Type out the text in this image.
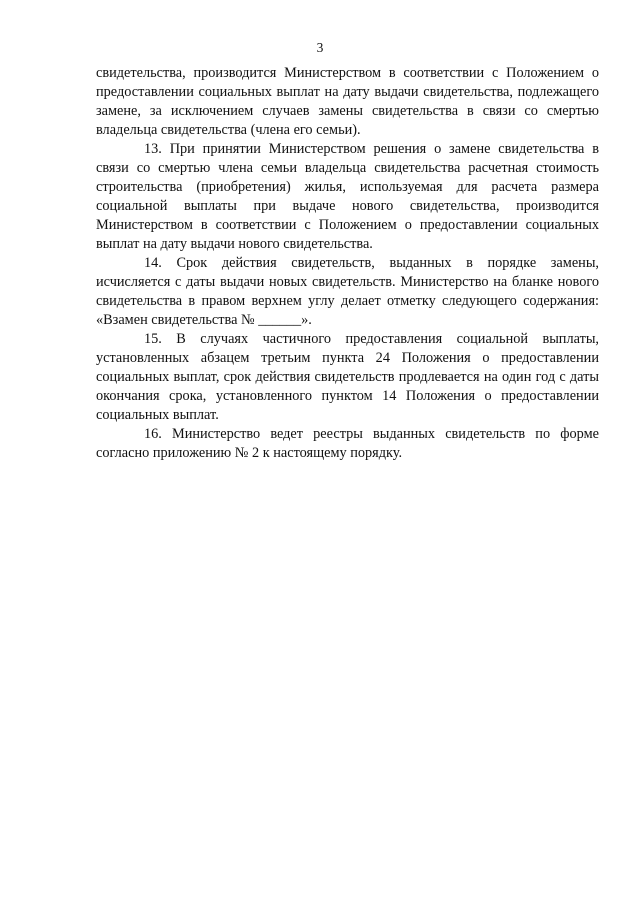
3

свидетельства, производится Министерством в соответствии с Положением о предоставлении социальных выплат на дату выдачи свидетельства, подлежащего замене, за исключением случаев замены свидетельства в связи со смертью владельца свидетельства (члена его семьи).

13. При принятии Министерством решения о замене свидетельства в связи со смертью члена семьи владельца свидетельства расчетная стоимость строительства (приобретения) жилья, используемая для расчета размера социальной выплаты при выдаче нового свидетельства, производится Министерством в соответствии с Положением о предоставлении социальных выплат на дату выдачи нового свидетельства.

14. Срок действия свидетельств, выданных в порядке замены, исчисляется с даты выдачи новых свидетельств. Министерство на бланке нового свидетельства в правом верхнем углу делает отметку следующего содержания: «Взамен свидетельства № ______».

15. В случаях частичного предоставления социальной выплаты, установленных абзацем третьим пункта 24 Положения о предоставлении социальных выплат, срок действия свидетельств продлевается на один год с даты окончания срока, установленного пунктом 14 Положения о предоставлении социальных выплат.

16. Министерство ведет реестры выданных свидетельств по форме согласно приложению № 2 к настоящему порядку.
